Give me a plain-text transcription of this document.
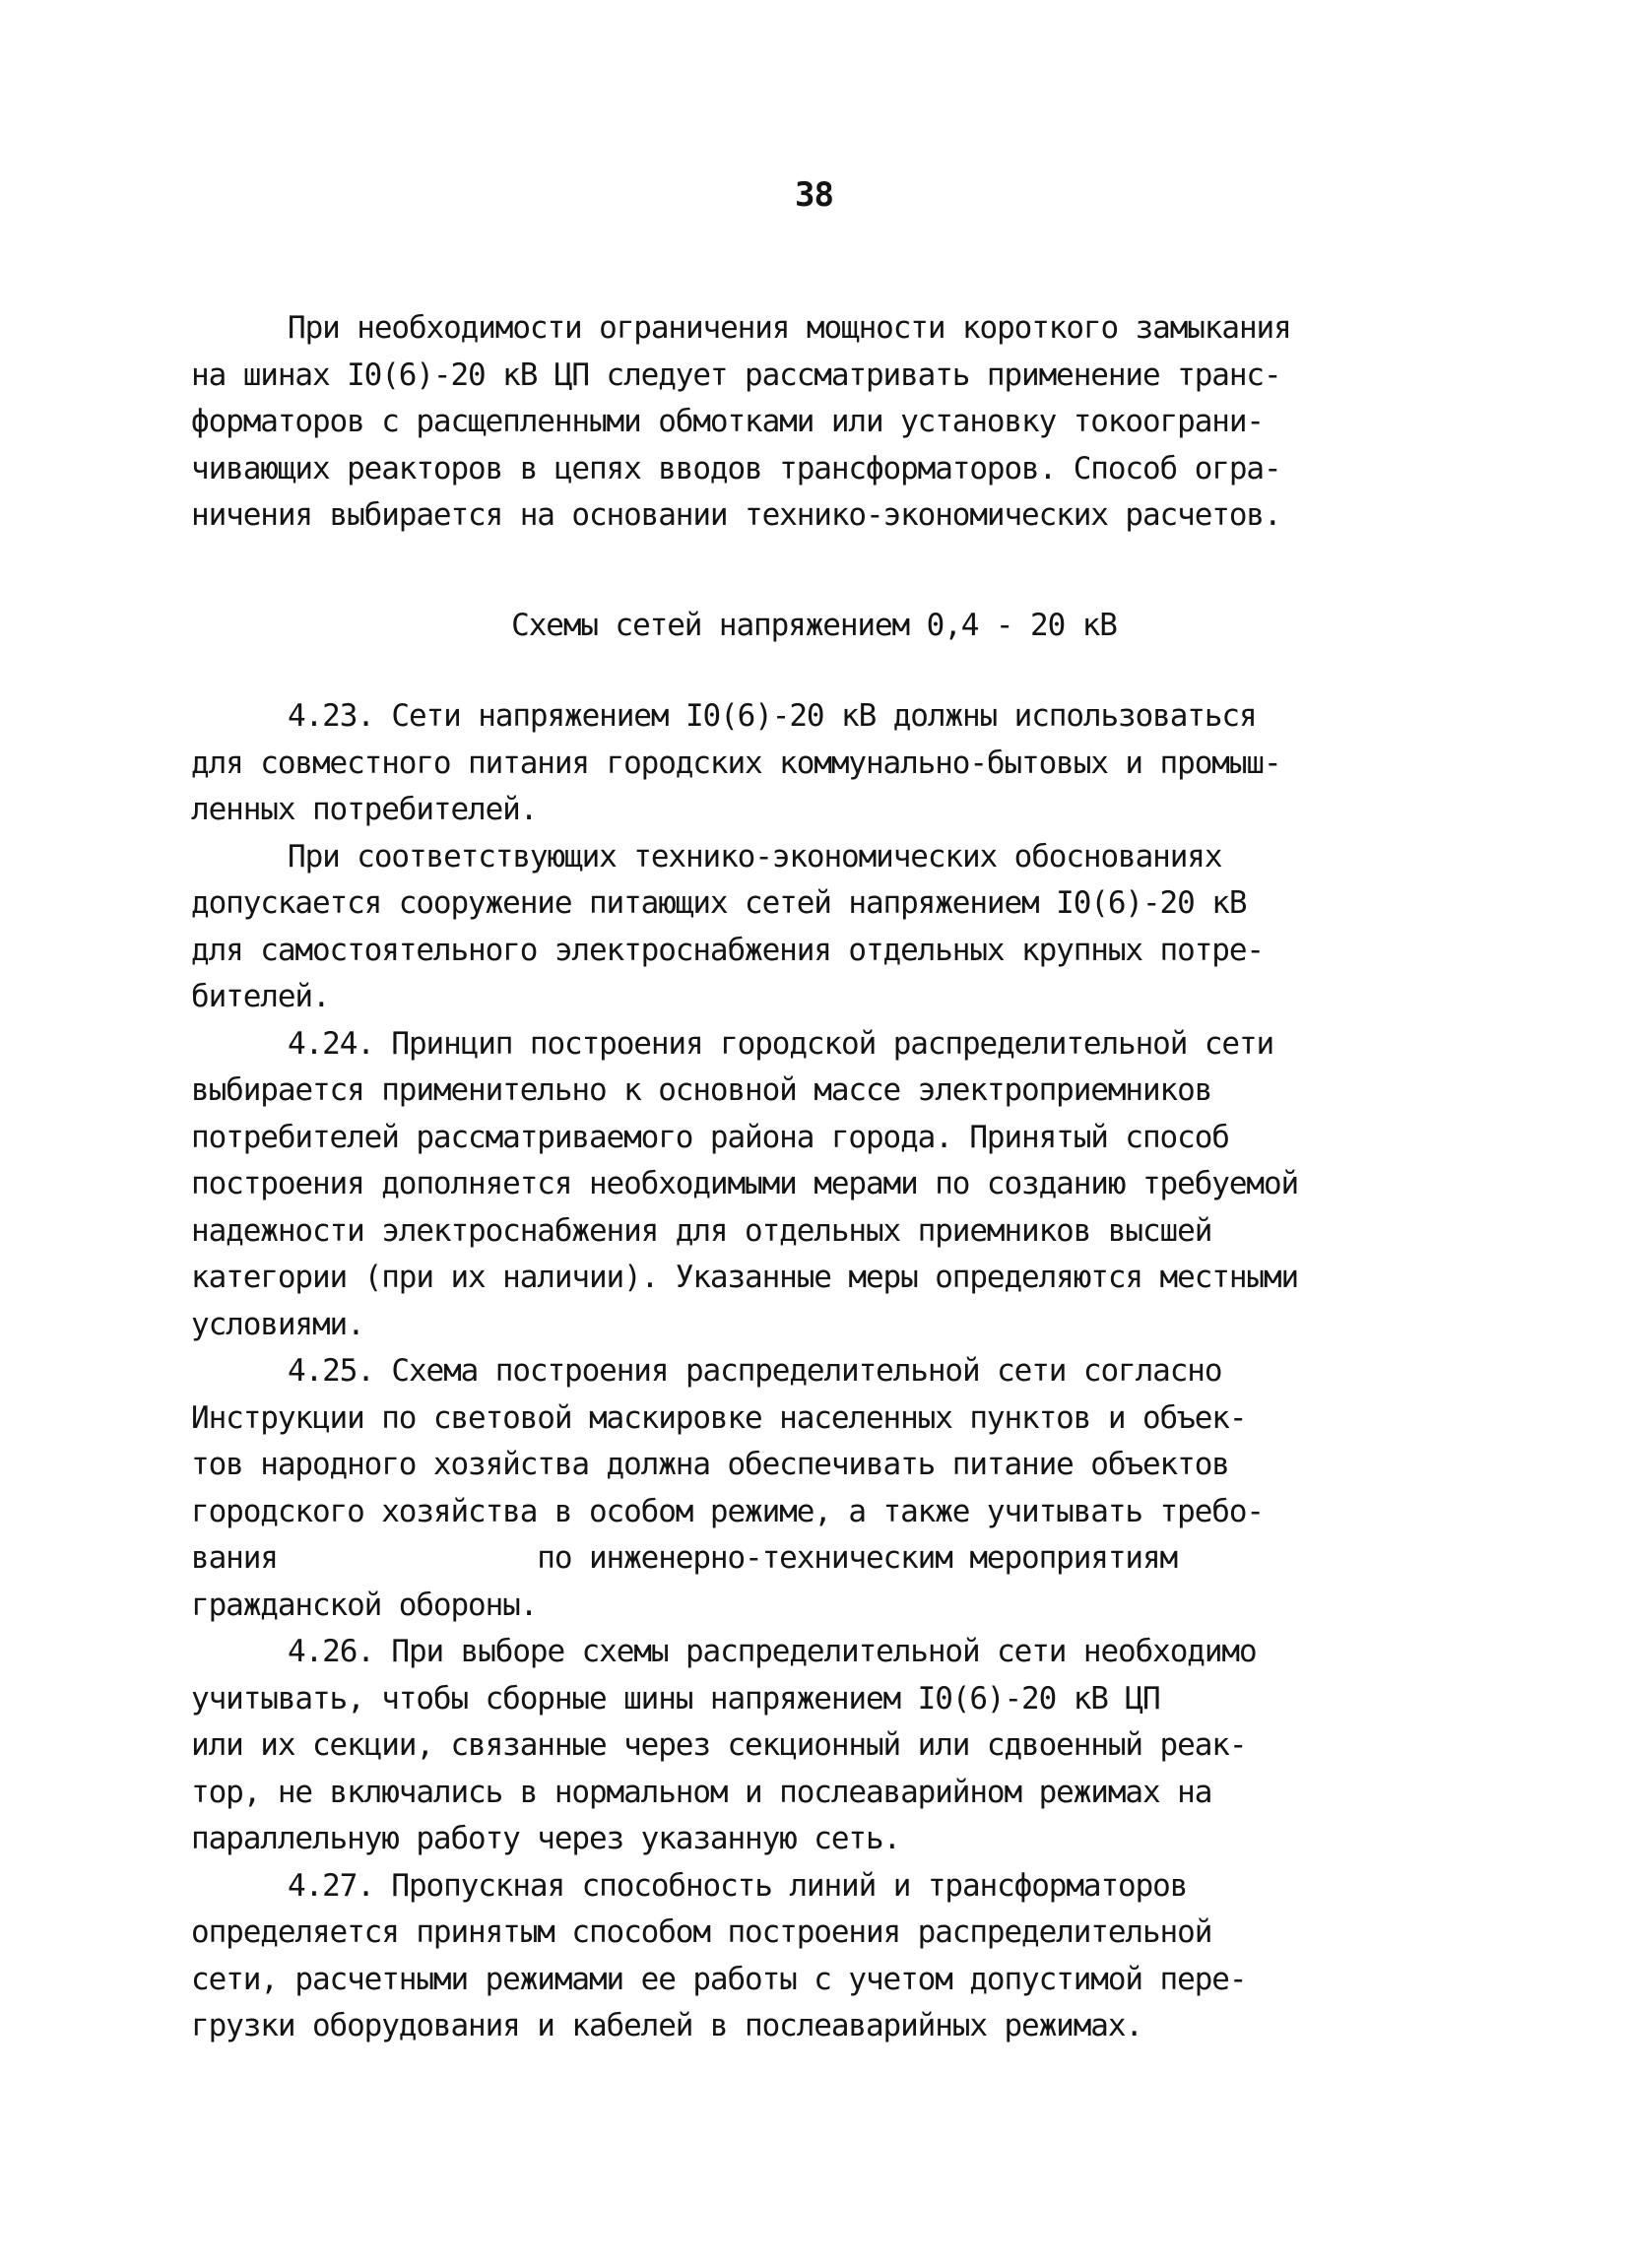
38
При необходимости ограничения мощности короткого замыкания
на шинах I0(6)-20 кВ ЦП следует рассматривать применение транс-
форматоров с расщепленными обмотками или установку токоограни-
чивающих реакторов в цепях вводов трансформаторов. Способ огра-
ничения выбирается на основании технико-экономических расчетов.
Схемы сетей напряжением 0,4 - 20 кВ
4.23. Сети напряжением I0(6)-20 кВ должны использоваться
для совместного питания городских коммунально-бытовых и промыш-
ленных потребителей.
При соответствующих технико-экономических обоснованиях
допускается сооружение питающих сетей напряжением I0(6)-20 кВ
для самостоятельного электроснабжения отдельных крупных потре-
бителей.
4.24. Принцип построения городской распределительной сети
выбирается применительно к основной массе электроприемников
потребителей рассматриваемого района города. Принятый способ
построения дополняется необходимыми мерами по созданию требуемой
надежности электроснабжения для отдельных приемников высшей
категории (при их наличии). Указанные меры определяются местными
условиями.
4.25. Схема построения распределительной сети согласно
Инструкции по световой маскировке населенных пунктов и объек-
тов народного хозяйства должна обеспечивать питание объектов
городского хозяйства в особом режиме, а также учитывать требо-
вания               по инженерно-техническим мероприятиям
гражданской обороны.
4.26. При выборе схемы распределительной сети необходимо
учитывать, чтобы сборные шины напряжением I0(6)-20 кВ ЦП
или их секции, связанные через секционный или сдвоенный реак-
тор, не включались в нормальном и послеаварийном режимах на
параллельную работу через указанную сеть.
4.27. Пропускная способность линий и трансформаторов
определяется принятым способом построения распределительной
сети, расчетными режимами ее работы с учетом допустимой пере-
грузки оборудования и кабелей в послеаварийных режимах.
